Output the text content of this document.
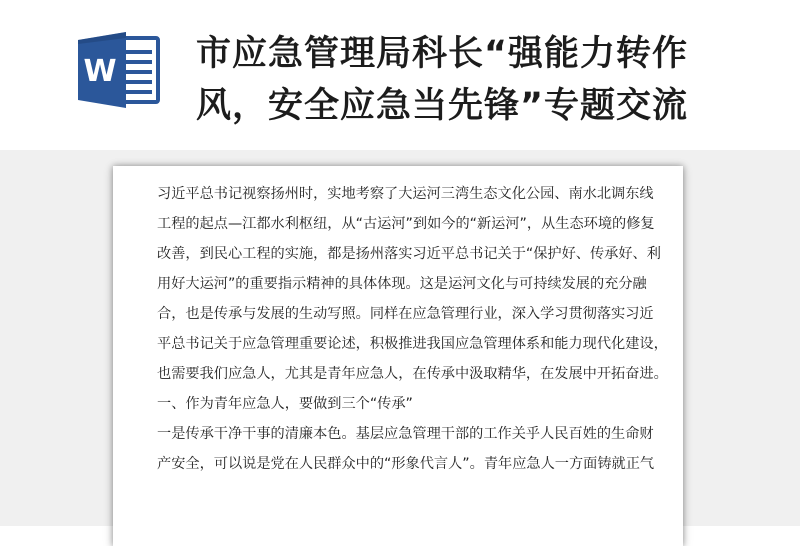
W 市应急管理局科长“强能力转作
风，安全应急当先锋”专题交流
习近平总书记视察扬州时，实地考察了大运河三湾生态文化公园、南水北调东线
工程的起点—江都水利枢纽，从“古运河”到如今的“新运河”，从生态环境的修复
改善，到民心工程的实施，都是扬州落实习近平总书记关于“保护好、传承好、利
用好大运河”的重要指示精神的具体体现。这是运河文化与可持续发展的充分融
合，也是传承与发展的生动写照。同样在应急管理行业，深入学习贯彻落实习近
平总书记关于应急管理重要论述，积极推进我国应急管理体系和能力现代化建设，
也需要我们应急人，尤其是青年应急人，在传承中汲取精华，在发展中开拓奋进。
一、作为青年应急人，要做到三个“传承”
一是传承干净干事的清廉本色。基层应急管理干部的工作关乎人民百姓的生命财
产安全，可以说是党在人民群众中的“形象代言人”。青年应急人一方面铸就正气
